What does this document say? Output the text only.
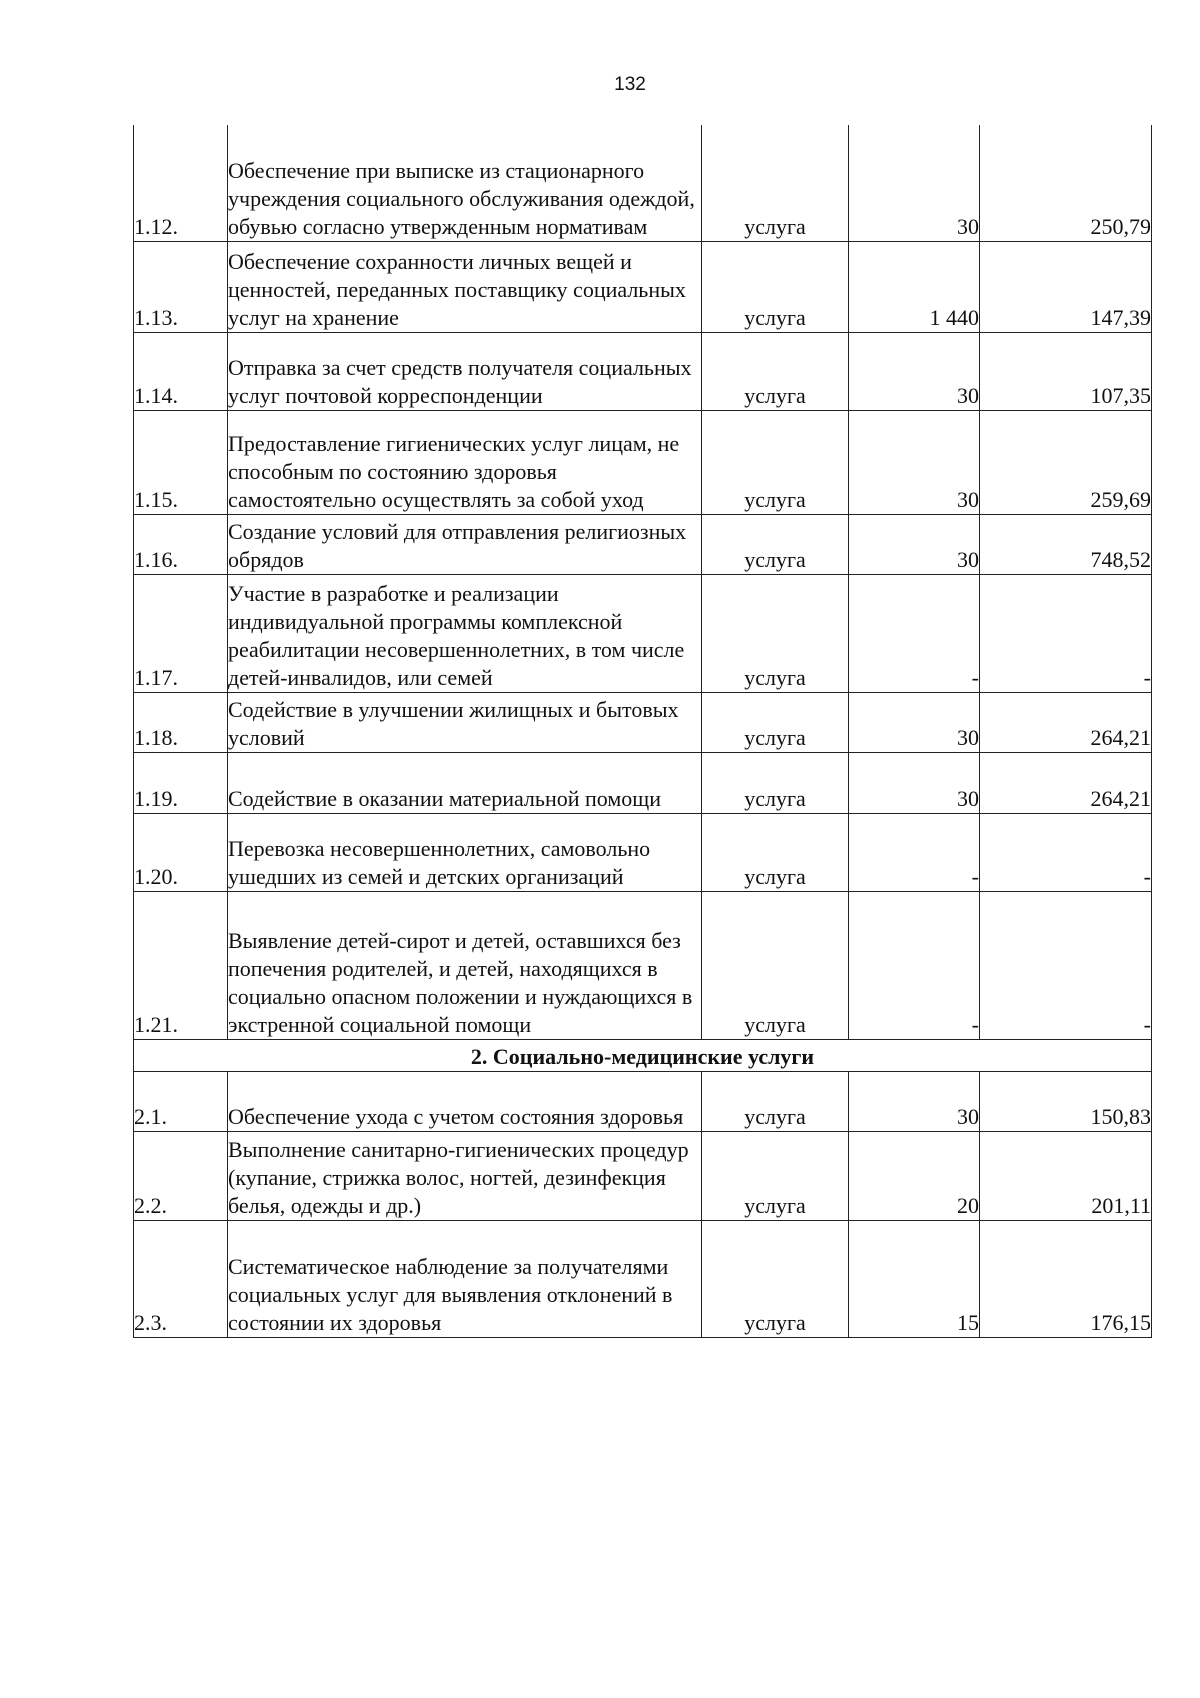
132
1.12.	Обеспечение при выписке из стационарного учреждения социального обслуживания одеждой, обувью согласно утвержденным нормативам	услуга	30	250,79
1.13.	Обеспечение сохранности личных вещей и ценностей, переданных поставщику социальных услуг на хранение	услуга	1 440	147,39
1.14.	Отправка за счет средств получателя социальных услуг почтовой корреспонденции	услуга	30	107,35
1.15.	Предоставление гигиенических услуг лицам, не способным по состоянию здоровья самостоятельно осуществлять за собой уход	услуга	30	259,69
1.16.	Создание условий для отправления религиозных обрядов	услуга	30	748,52
1.17.	Участие в разработке и реализации индивидуальной программы комплексной реабилитации несовершеннолетних, в том числе детей-инвалидов, или семей	услуга	-	-
1.18.	Содействие в улучшении жилищных и бытовых условий	услуга	30	264,21
1.19.	Содействие в оказании материальной помощи	услуга	30	264,21
1.20.	Перевозка несовершеннолетних, самовольно ушедших из семей и детских организаций	услуга	-	-
1.21.	Выявление детей-сирот и детей, оставшихся без попечения родителей, и детей, находящихся в социально опасном положении и нуждающихся в экстренной социальной помощи	услуга	-	-
2. Социально-медицинские услуги				
2.1.	Обеспечение ухода с учетом состояния здоровья	услуга	30	150,83
2.2.	Выполнение санитарно-гигиенических процедур (купание, стрижка волос, ногтей, дезинфекция белья, одежды и др.)	услуга	20	201,11
2.3.	Систематическое наблюдение за получателями социальных услуг для выявления отклонений в состоянии их здоровья	услуга	15	176,15
